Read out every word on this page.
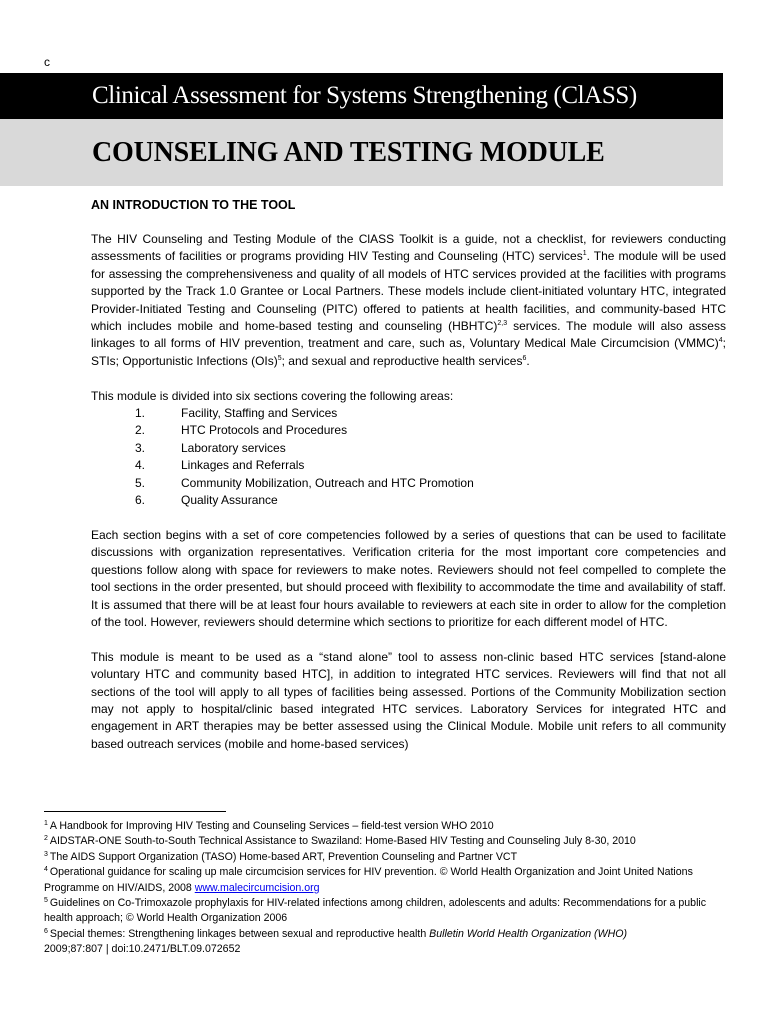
c
Clinical Assessment for Systems Strengthening (ClASS)
COUNSELING AND TESTING MODULE
AN INTRODUCTION TO THE TOOL

The HIV Counseling and Testing Module of the ClASS Toolkit is a guide, not a checklist, for reviewers conducting assessments of facilities or programs providing HIV Testing and Counseling (HTC) services$^1$. The module will be used for assessing the comprehensiveness and quality of all models of HTC services provided at the facilities with programs supported by the Track 1.0 Grantee or Local Partners. These models include client-initiated voluntary HTC, integrated Provider-Initiated Testing and Counseling (PITC) offered to patients at health facilities, and community-based HTC which includes mobile and home-based testing and counseling (HBHTC)$^{2,3}$ services. The module will also assess linkages to all forms of HIV prevention, treatment and care, such as, Voluntary Medical Male Circumcision (VMMC)$^4$; STIs; Opportunistic Infections (OIs)$^5$; and sexual and reproductive health services$^6$.

This module is divided into six sections covering the following areas:

1.	Facility, Staffing and Services
2.	HTC Protocols and Procedures
3.	Laboratory services
4.	Linkages and Referrals
5.	Community Mobilization, Outreach and HTC Promotion
6.	Quality Assurance

Each section begins with a set of core competencies followed by a series of questions that can be used to facilitate discussions with organization representatives. Verification criteria for the most important core competencies and questions follow along with space for reviewers to make notes. Reviewers should not feel compelled to complete the tool sections in the order presented, but should proceed with flexibility to accommodate the time and availability of staff. It is assumed that there will be at least four hours available to reviewers at each site in order to allow for the completion of the tool. However, reviewers should determine which sections to prioritize for each different model of HTC.

This module is meant to be used as a “stand alone” tool to assess non-clinic based HTC services [stand-alone voluntary HTC and community based HTC], in addition to integrated HTC services. Reviewers will find that not all sections of the tool will apply to all types of facilities being assessed. Portions of the Community Mobilization section may not apply to hospital/clinic based integrated HTC services. Laboratory Services for integrated HTC and engagement in ART therapies may be better assessed using the Clinical Module. Mobile unit refers to all community based outreach services (mobile and home-based services)

$^1$ A Handbook for Improving HIV Testing and Counseling Services – field-test version WHO 2010

$^2$ AIDSTAR-ONE South-to-South Technical Assistance to Swaziland: Home-Based HIV Testing and Counseling July 8-30, 2010

$^3$ The AIDS Support Organization (TASO) Home-based ART, Prevention Counseling and Partner VCT

$^4$ Operational guidance for scaling up male circumcision services for HIV prevention. © World Health Organization and Joint United Nations Programme on HIV/AIDS, 2008 www.malecircumcision.org

$^5$ Guidelines on Co-Trimoxazole prophylaxis for HIV-related infections among children, adolescents and adults: Recommendations for a public health approach; © World Health Organization 2006

$^6$ Special themes: Strengthening linkages between sexual and reproductive health Bulletin World Health Organization (WHO)
2009;87:807 | doi:10.2471/BLT.09.072652
